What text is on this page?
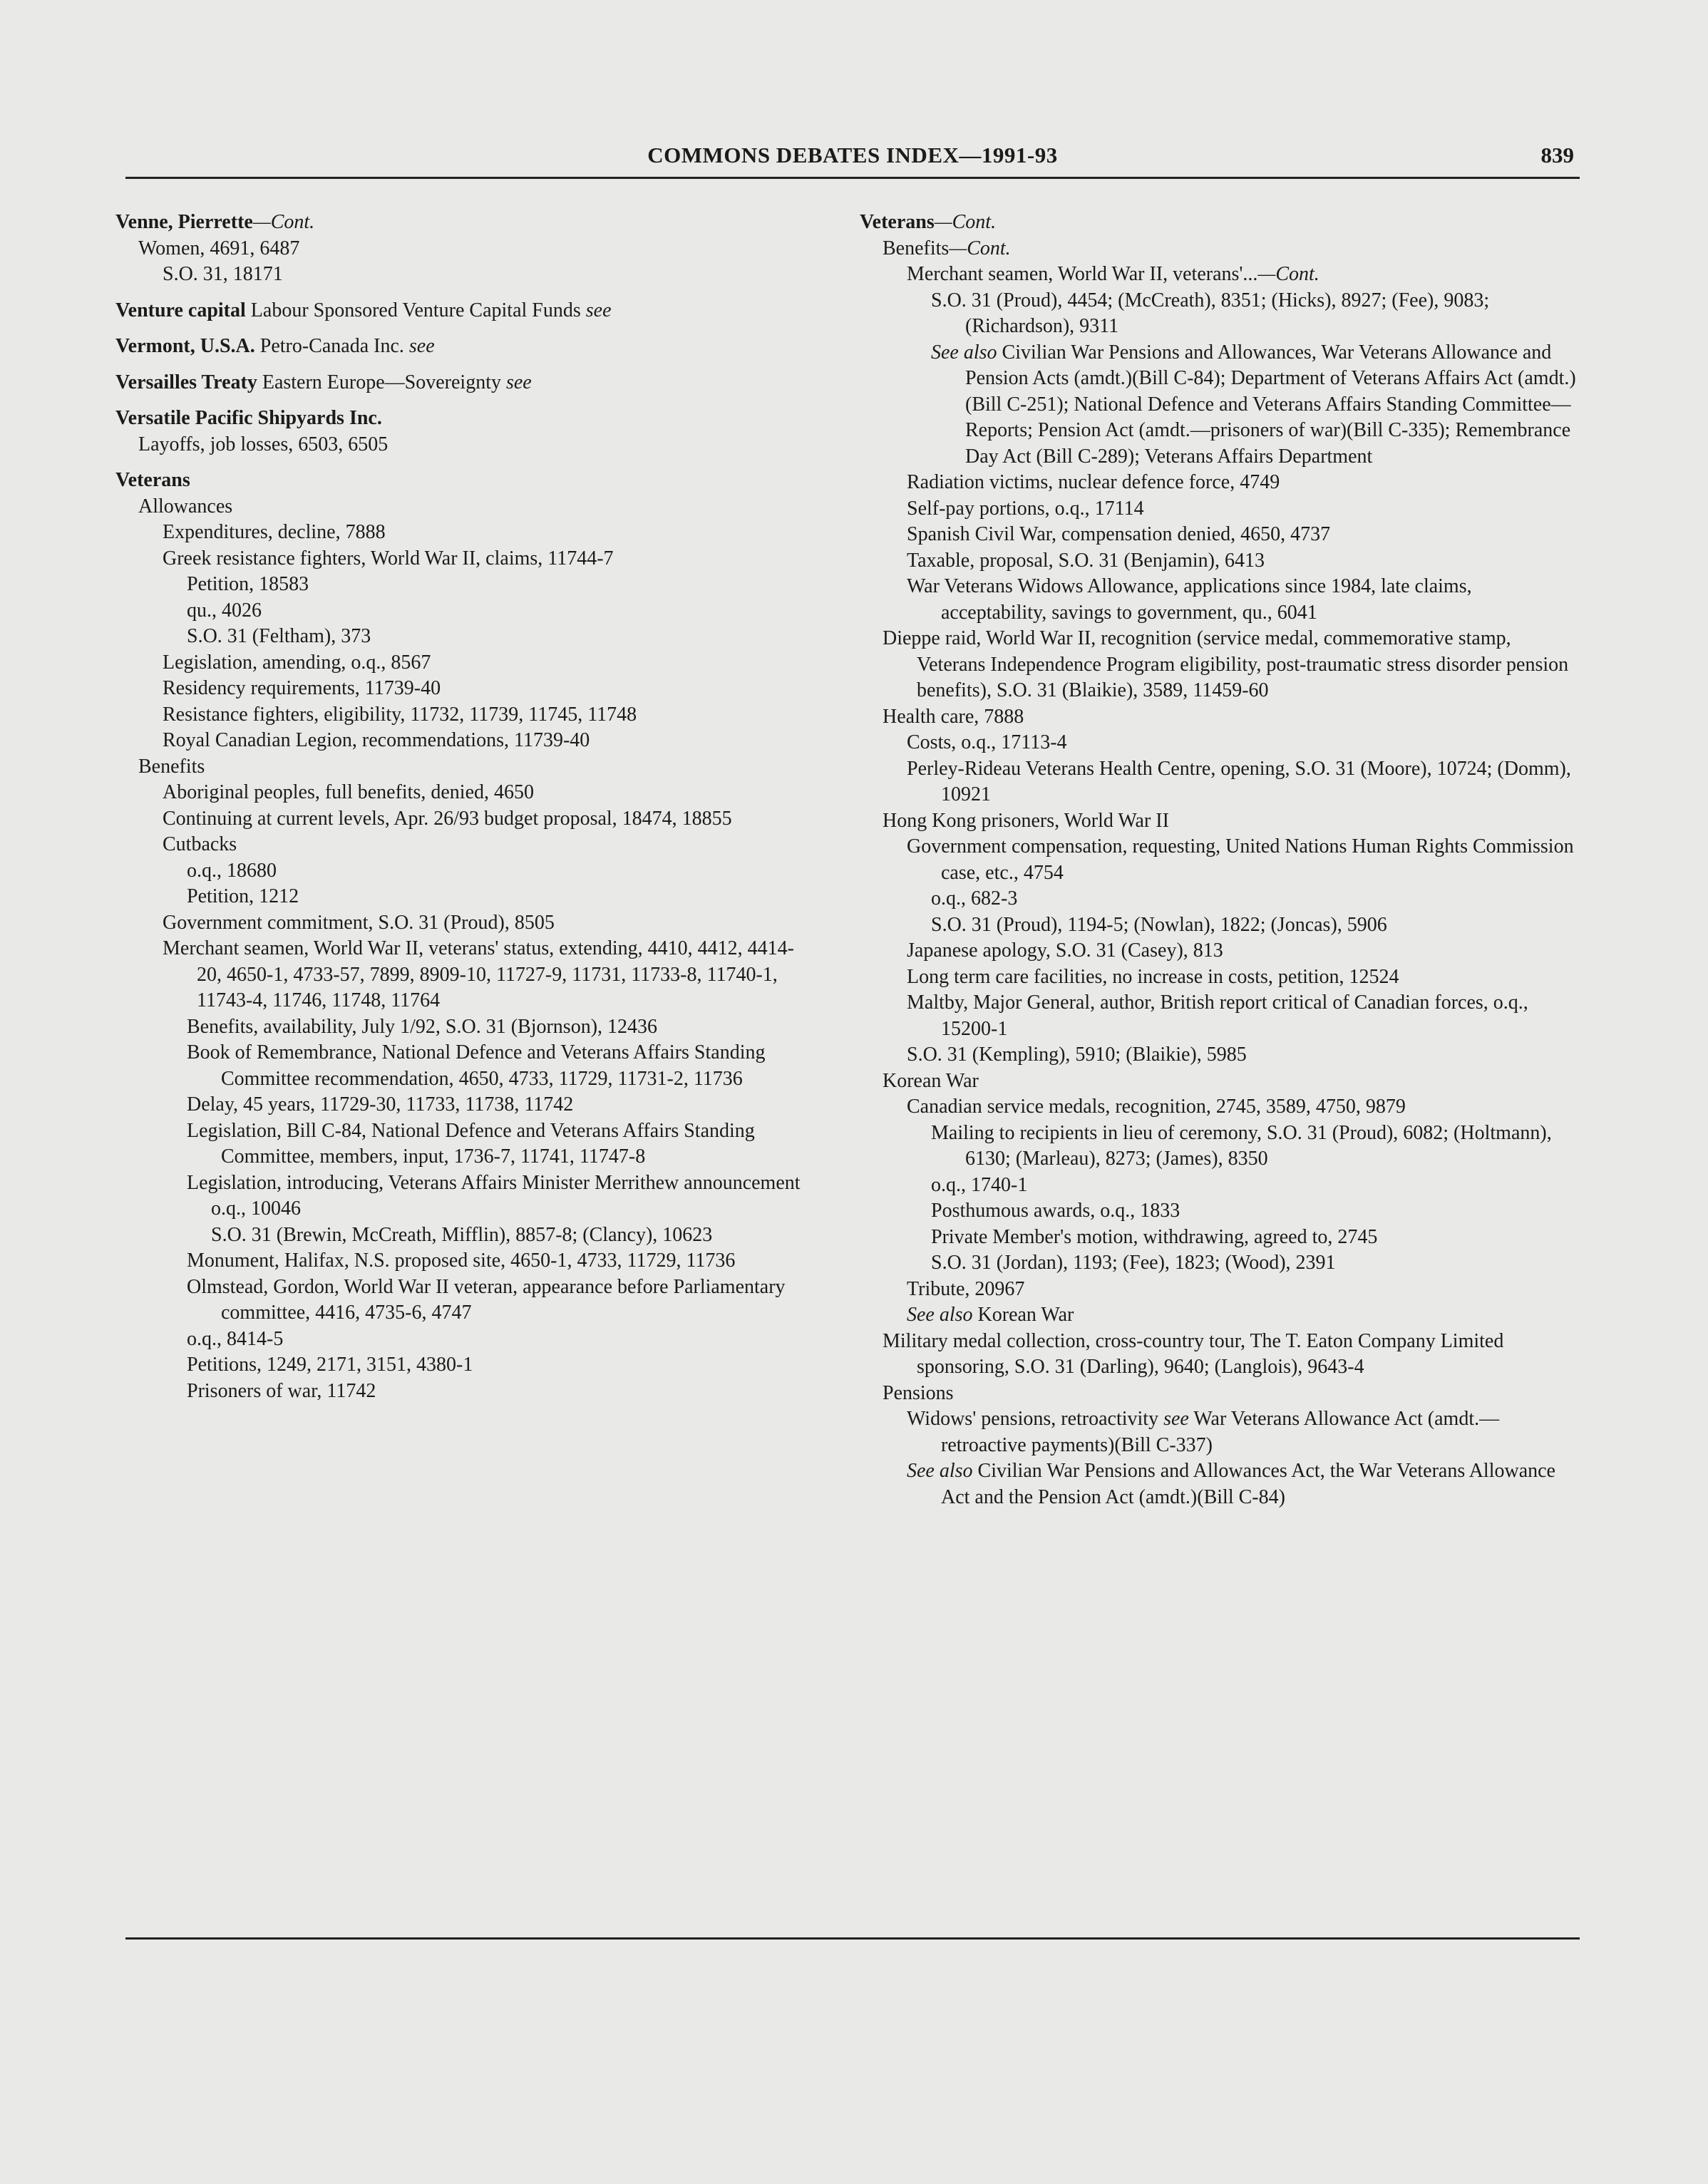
COMMONS DEBATES INDEX—1991-93	839
Venne, Pierrette—Cont.
Women, 4691, 6487
S.O. 31, 18171
Venture capital Labour Sponsored Venture Capital Funds see
Vermont, U.S.A. Petro-Canada Inc. see
Versailles Treaty Eastern Europe—Sovereignty see
Versatile Pacific Shipyards Inc.
Layoffs, job losses, 6503, 6505
Veterans
Allowances
Expenditures, decline, 7888
Greek resistance fighters, World War II, claims, 11744-7
Petition, 18583
qu., 4026
S.O. 31 (Feltham), 373
Legislation, amending, o.q., 8567
Residency requirements, 11739-40
Resistance fighters, eligibility, 11732, 11739, 11745, 11748
Royal Canadian Legion, recommendations, 11739-40
Benefits
Aboriginal peoples, full benefits, denied, 4650
Continuing at current levels, Apr. 26/93 budget proposal, 18474, 18855
Cutbacks
o.q., 18680
Petition, 1212
Government commitment, S.O. 31 (Proud), 8505
Merchant seamen, World War II, veterans' status, extending, 4410, 4412, 4414-20, 4650-1, 4733-57, 7899, 8909-10, 11727-9, 11731, 11733-8, 11740-1, 11743-4, 11746, 11748, 11764
Benefits, availability, July 1/92, S.O. 31 (Bjornson), 12436
Book of Remembrance, National Defence and Veterans Affairs Standing Committee recommendation, 4650, 4733, 11729, 11731-2, 11736
Delay, 45 years, 11729-30, 11733, 11738, 11742
Legislation, Bill C-84, National Defence and Veterans Affairs Standing Committee, members, input, 1736-7, 11741, 11747-8
Legislation, introducing, Veterans Affairs Minister Merrithew announcement
o.q., 10046
S.O. 31 (Brewin, McCreath, Mifflin), 8857-8; (Clancy), 10623
Monument, Halifax, N.S. proposed site, 4650-1, 4733, 11729, 11736
Olmstead, Gordon, World War II veteran, appearance before Parliamentary committee, 4416, 4735-6, 4747
o.q., 8414-5
Petitions, 1249, 2171, 3151, 4380-1
Prisoners of war, 11742
Veterans—Cont.
Benefits—Cont.
Merchant seamen, World War II, veterans'...—Cont.
S.O. 31 (Proud), 4454; (McCreath), 8351; (Hicks), 8927; (Fee), 9083; (Richardson), 9311
See also Civilian War Pensions and Allowances, War Veterans Allowance and Pension Acts (amdt.)(Bill C-84); Department of Veterans Affairs Act (amdt.)(Bill C-251); National Defence and Veterans Affairs Standing Committee—Reports; Pension Act (amdt.—prisoners of war)(Bill C-335); Remembrance Day Act (Bill C-289); Veterans Affairs Department
Radiation victims, nuclear defence force, 4749
Self-pay portions, o.q., 17114
Spanish Civil War, compensation denied, 4650, 4737
Taxable, proposal, S.O. 31 (Benjamin), 6413
War Veterans Widows Allowance, applications since 1984, late claims, acceptability, savings to government, qu., 6041
Dieppe raid, World War II, recognition (service medal, commemorative stamp, Veterans Independence Program eligibility, post-traumatic stress disorder pension benefits), S.O. 31 (Blaikie), 3589, 11459-60
Health care, 7888
Costs, o.q., 17113-4
Perley-Rideau Veterans Health Centre, opening, S.O. 31 (Moore), 10724; (Domm), 10921
Hong Kong prisoners, World War II
Government compensation, requesting, United Nations Human Rights Commission case, etc., 4754
o.q., 682-3
S.O. 31 (Proud), 1194-5; (Nowlan), 1822; (Joncas), 5906
Japanese apology, S.O. 31 (Casey), 813
Long term care facilities, no increase in costs, petition, 12524
Maltby, Major General, author, British report critical of Canadian forces, o.q., 15200-1
S.O. 31 (Kempling), 5910; (Blaikie), 5985
Korean War
Canadian service medals, recognition, 2745, 3589, 4750, 9879
Mailing to recipients in lieu of ceremony, S.O. 31 (Proud), 6082; (Holtmann), 6130; (Marleau), 8273; (James), 8350
o.q., 1740-1
Posthumous awards, o.q., 1833
Private Member's motion, withdrawing, agreed to, 2745
S.O. 31 (Jordan), 1193; (Fee), 1823; (Wood), 2391
Tribute, 20967
See also Korean War
Military medal collection, cross-country tour, The T. Eaton Company Limited sponsoring, S.O. 31 (Darling), 9640; (Langlois), 9643-4
Pensions
Widows' pensions, retroactivity see War Veterans Allowance Act (amdt.—retroactive payments)(Bill C-337)
See also Civilian War Pensions and Allowances Act, the War Veterans Allowance Act and the Pension Act (amdt.)(Bill C-84)
